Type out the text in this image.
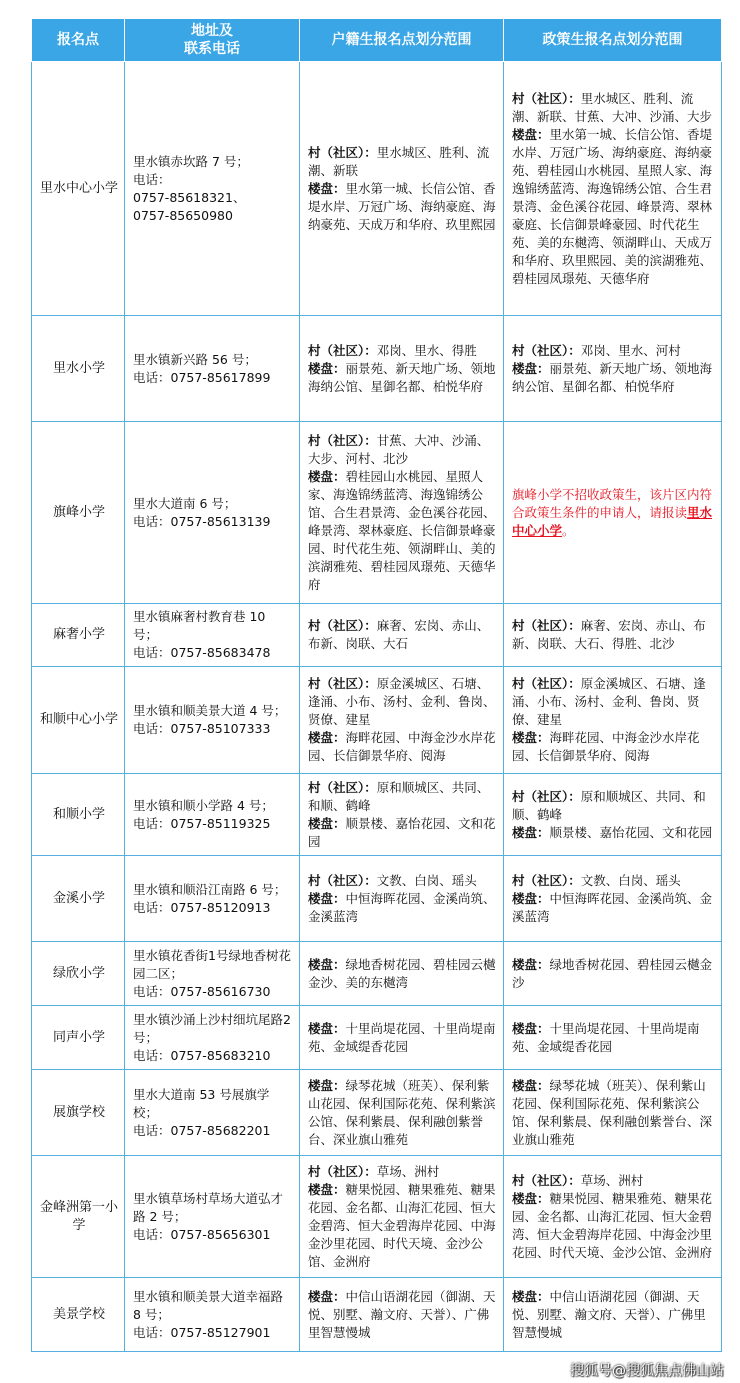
报名点	地址及
联系电话	户籍生报名点划分范围	政策生报名点划分范围
里水中心小学	里水镇赤坎路 7 号；
电话：
0757-85618321、
0757-85650980	村（社区）：里水城区、胜利、流潮、新联
楼盘：里水第一城、长信公馆、香堤水岸、万冠广场、海纳豪庭、海纳豪苑、天成万和华府、玖里熙园	村（社区）：里水城区、胜利、流潮、新联、甘蕉、大冲、沙涌、大步
楼盘：里水第一城、长信公馆、香堤水岸、万冠广场、海纳豪庭、海纳豪苑、碧桂园山水桃园、星照人家、海逸锦绣蓝湾、海逸锦绣公馆、合生君景湾、金色溪谷花园、峰景湾、翠林豪庭、长信御景峰豪园、时代花生苑、美的东樾湾、领湖畔山、天成万和华府、玖里熙园、美的滨湖雅苑、碧桂园凤璟苑、天德华府

里水小学	里水镇新兴路 56 号；
电话：0757-85617899	村（社区）：邓岗、里水、得胜
楼盘：丽景苑、新天地广场、领地海纳公馆、星御名都、柏悦华府	村（社区）：邓岗、里水、河村
楼盘：丽景苑、新天地广场、领地海纳公馆、星御名都、柏悦华府

旗峰小学	里水大道南 6 号；
电话：0757-85613139	村（社区）：甘蕉、大冲、沙涌、大步、河村、北沙
楼盘：碧桂园山水桃园、星照人家、海逸锦绣蓝湾、海逸锦绣公馆、合生君景湾、金色溪谷花园、峰景湾、翠林豪庭、长信御景峰豪园、时代花生苑、领湖畔山、美的滨湖雅苑、碧桂园凤璟苑、天德华府	旗峰小学不招收政策生，该片区内符合政策生条件的申请人，请报读里水中心小学。
麻奢小学	里水镇麻奢村教育巷 10 号；
电话：0757-85683478	村（社区）：麻奢、宏岗、赤山、布新、岗联、大石	村（社区）：麻奢、宏岗、赤山、布新、岗联、大石、得胜、北沙

和顺中心小学	里水镇和顺美景大道 4 号；
电话：0757-85107333	村（社区）：原金溪城区、石塘、逢涌、小布、汤村、金利、鲁岗、贤僚、建星
楼盘：海畔花园、中海金沙水岸花园、长信御景华府、阅海	村（社区）：原金溪城区、石塘、逢涌、小布、汤村、金利、鲁岗、贤僚、建星
楼盘：海畔花园、中海金沙水岸花园、长信御景华府、阅海

和顺小学	里水镇和顺小学路 4 号；
电话：0757-85119325	村（社区）：原和顺城区、共同、和顺、鹤峰
楼盘：顺景楼、嘉怡花园、文和花园	村（社区）：原和顺城区、共同、和顺、鹤峰
楼盘：顺景楼、嘉怡花园、文和花园

金溪小学	里水镇和顺沿江南路 6 号；
电话：0757-85120913	村（社区）：文教、白岗、瑶头
楼盘：中恒海晖花园、金溪尚筑、金溪蓝湾	村（社区）：文教、白岗、瑶头
楼盘：中恒海晖花园、金溪尚筑、金溪蓝湾

绿欣小学	里水镇花香街1号绿地香树花园二区；
电话：0757-85616730	楼盘：绿地香树花园、碧桂园云樾金沙、美的东樾湾	楼盘：绿地香树花园、碧桂园云樾金沙

同声小学	里水镇沙涌上沙村细坑尾路2号；
电话：0757-85683210	楼盘：十里尚堤花园、十里尚堤南苑、金域缇香花园	楼盘：十里尚堤花园、十里尚堤南苑、金域缇香花园

展旗学校	里水大道南 53 号展旗学校；
电话：0757-85682201	楼盘：绿琴花城（班芙）、保利紫山花园、保利国际花苑、保利紫滨公馆、保利紫晨、保利融创紫誉台、深业旗山雅苑	楼盘：绿琴花城（班芙）、保利紫山花园、保利国际花苑、保利紫滨公馆、保利紫晨、保利融创紫誉台、深业旗山雅苑

金峰洲第一小学	里水镇草场村草场大道弘才路 2 号；
电话：0757-85656301	村（社区）：草场、洲村
楼盘：糖果悦园、糖果雅苑、糖果花园、金名都、山海汇花园、恒大金碧湾、恒大金碧海岸花园、中海金沙里花园、时代天境、金沙公馆、金洲府	村（社区）：草场、洲村
楼盘：糖果悦园、糖果雅苑、糖果花园、金名都、山海汇花园、恒大金碧湾、恒大金碧海岸花园、中海金沙里花园、时代天境、金沙公馆、金洲府

美景学校	里水镇和顺美景大道幸福路 8 号；
电话：0757-85127901	楼盘：中信山语湖花园（御湖、天悦、别墅、瀚文府、天誉）、广佛里智慧慢城	楼盘：中信山语湖花园（御湖、天悦、别墅、瀚文府、天誉）、广佛里智慧慢城
搜狐号@搜狐焦点佛山站
